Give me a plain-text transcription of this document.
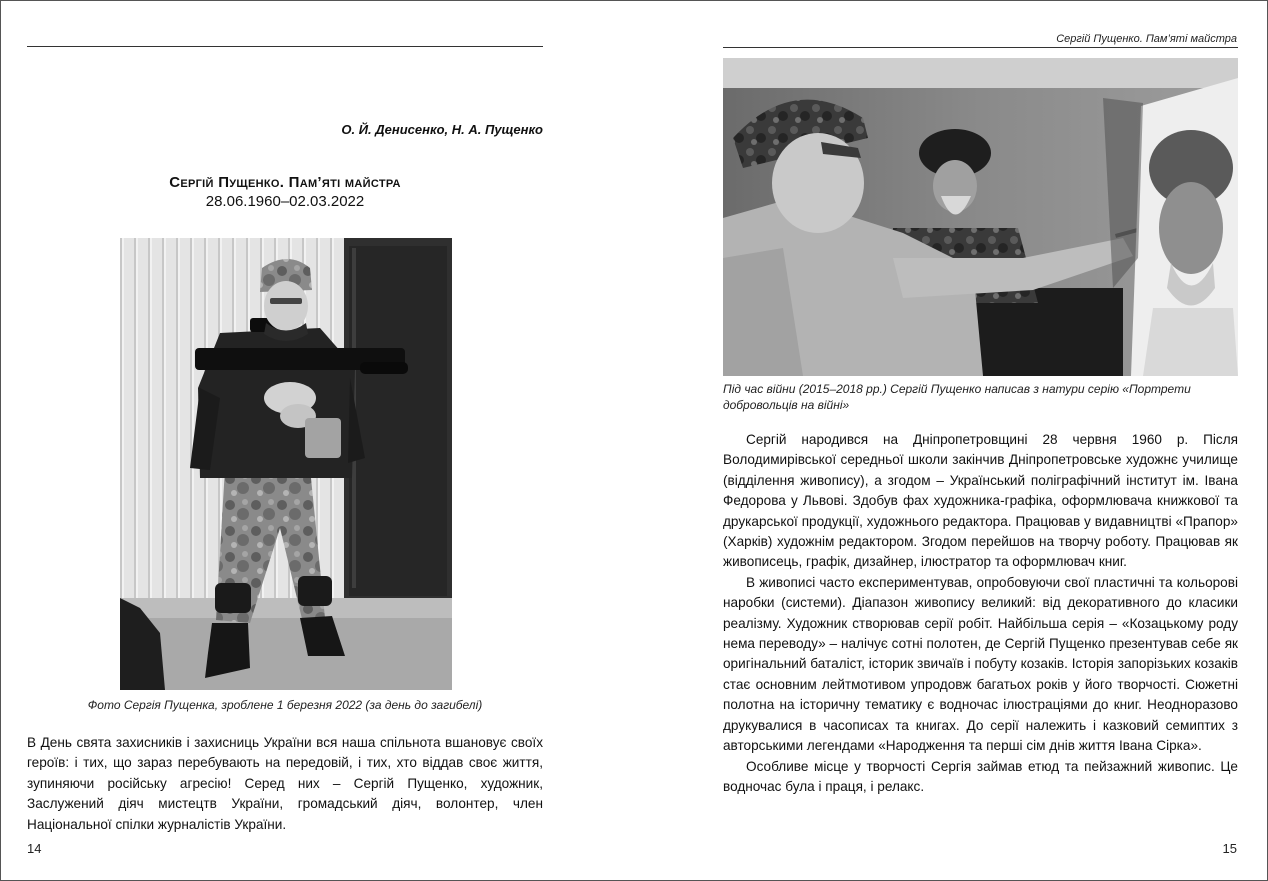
О. Й. Денисенко, Н. А. Пущенко
Сергій Пущенко. Пам’яті майстра
28.06.1960–02.03.2022
Фото Сергія Пущенка, зроблене 1 березня 2022 (за день до загибелі)

В День свята захисників і захисниць України вся наша спільнота вшановує своїх героїв: і тих, що зараз перебувають на передовій, і тих, хто віддав своє життя, зупиняючи російську агресію! Серед них – Сергій Пущенко, художник, Заслужений діяч мистецтв України, громадський діяч, волонтер, член Національної спілки журналістів України.

14
Сергій Пущенко. Пам’яті майстра
Під час війни (2015–2018 рр.) Сергій Пущенко написав з натури серію «Портрети добровольців на війні»

Сергій народився на Дніпропетровщині 28 червня 1960 р. Після Володимирівської середньої школи закінчив Дніпропетровське художнє училище (відділення живопису), а згодом – Український поліграфічний інститут ім. Івана Федорова у Львові. Здобув фах художника-графіка, оформлювача книжкової та друкарської продукції, художнього редактора. Працював у видавництві «Прапор» (Харків) художнім редактором. Згодом перейшов на творчу роботу. Працював як живописець, графік, дизайнер, ілюстратор та оформлювач книг.

В живописі часто експериментував, опробовуючи свої пластичні та кольорові наробки (системи). Діапазон живопису великий: від декоративного до класики реалізму. Художник створював серії робіт. Найбільша серія – «Козацькому роду нема переводу» – налічує сотні полотен, де Сергій Пущенко презентував себе як оригінальний баталіст, історик звичаїв і побуту козаків. Історія запорізьких козаків стає основним лейтмотивом упродовж багатьох років у його творчості. Сюжетні полотна на історичну тематику є водночас ілюстраціями до книг. Неодноразово друкувалися в часописах та книгах. До серії належить і казковий семиптих з авторськими легендами «Народження та перші сім днів життя Івана Сірка».

Особливе місце у творчості Сергія займав етюд та пейзажний живопис. Це водночас була і праця, і релакс.

15
